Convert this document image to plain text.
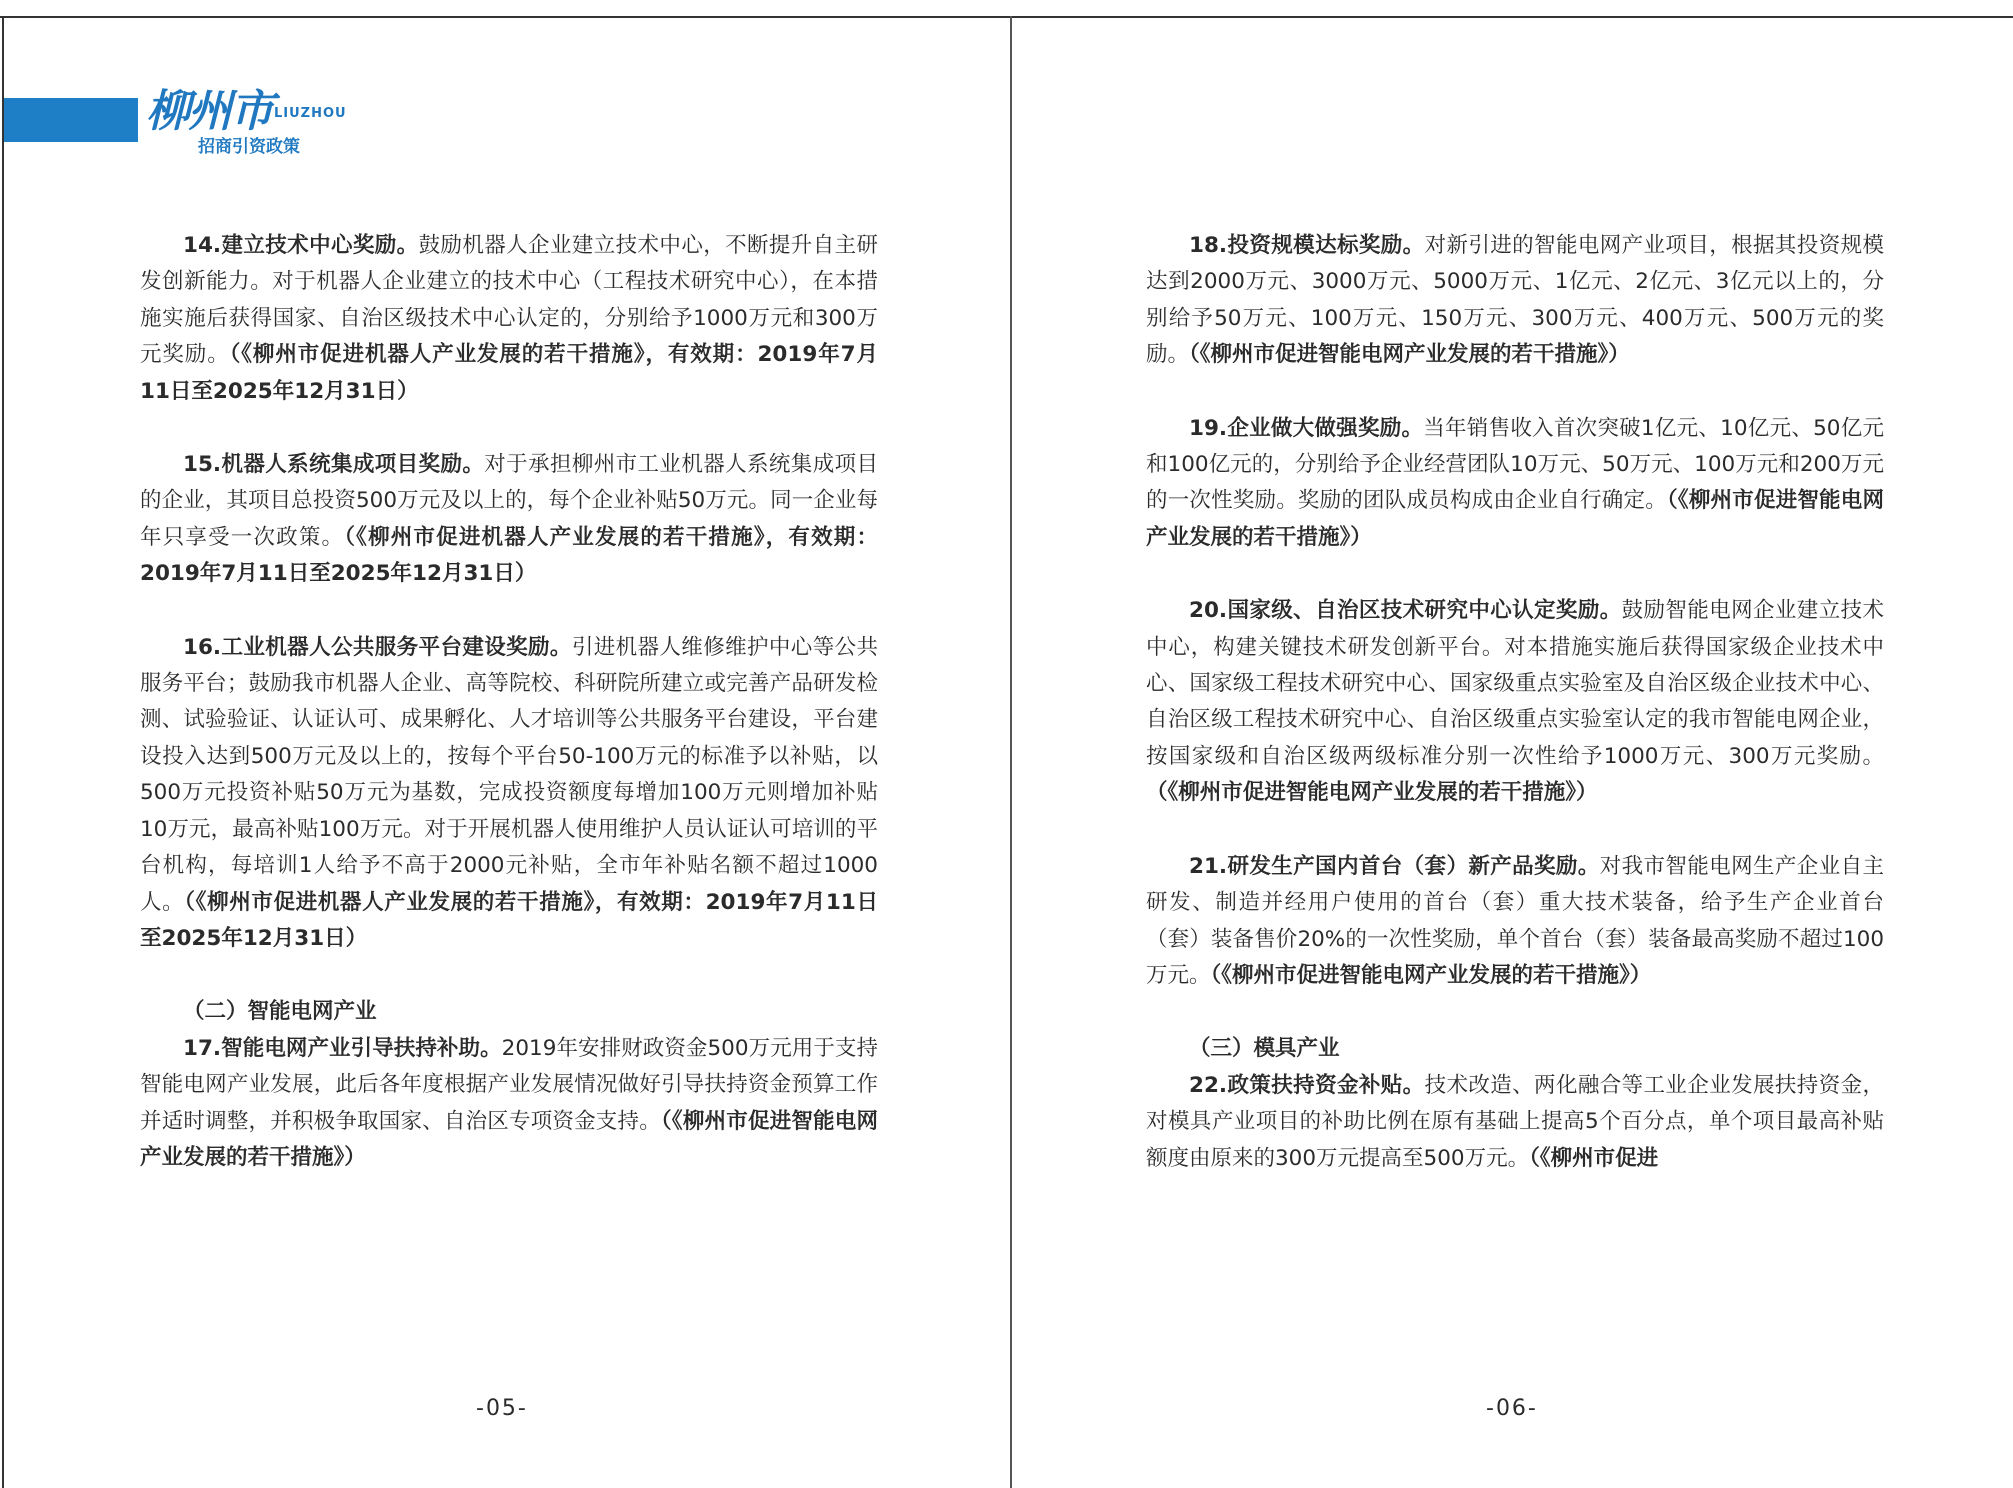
柳州市 LIUZHOU
招商引资政策

14.建立技术中心奖励。鼓励机器人企业建立技术中心，不断提升自主研发创新能力。对于机器人企业建立的技术中心（工程技术研究中心），在本措施实施后获得国家、自治区级技术中心认定的，分别给予1000万元和300万元奖励。（《柳州市促进机器人产业发展的若干措施》，有效期：2019年7月11日至2025年12月31日）

15.机器人系统集成项目奖励。对于承担柳州市工业机器人系统集成项目的企业，其项目总投资500万元及以上的，每个企业补贴50万元。同一企业每年只享受一次政策。（《柳州市促进机器人产业发展的若干措施》，有效期：2019年7月11日至2025年12月31日）

16.工业机器人公共服务平台建设奖励。引进机器人维修维护中心等公共服务平台；鼓励我市机器人企业、高等院校、科研院所建立或完善产品研发检测、试验验证、认证认可、成果孵化、人才培训等公共服务平台建设，平台建设投入达到500万元及以上的，按每个平台50-100万元的标准予以补贴，以500万元投资补贴50万元为基数，完成投资额度每增加100万元则增加补贴10万元，最高补贴100万元。对于开展机器人使用维护人员认证认可培训的平台机构，每培训1人给予不高于2000元补贴，全市年补贴名额不超过1000人。（《柳州市促进机器人产业发展的若干措施》，有效期：2019年7月11日至2025年12月31日）

（二）智能电网产业

17.智能电网产业引导扶持补助。2019年安排财政资金500万元用于支持智能电网产业发展，此后各年度根据产业发展情况做好引导扶持资金预算工作并适时调整，并积极争取国家、自治区专项资金支持。（《柳州市促进智能电网产业发展的若干措施》）

18.投资规模达标奖励。对新引进的智能电网产业项目，根据其投资规模达到2000万元、3000万元、5000万元、1亿元、2亿元、3亿元以上的，分别给予50万元、100万元、150万元、300万元、400万元、500万元的奖励。（《柳州市促进智能电网产业发展的若干措施》）

19.企业做大做强奖励。当年销售收入首次突破1亿元、10亿元、50亿元和100亿元的，分别给予企业经营团队10万元、50万元、100万元和200万元的一次性奖励。奖励的团队成员构成由企业自行确定。（《柳州市促进智能电网产业发展的若干措施》）

20.国家级、自治区技术研究中心认定奖励。鼓励智能电网企业建立技术中心，构建关键技术研发创新平台。对本措施实施后获得国家级企业技术中心、国家级工程技术研究中心、国家级重点实验室及自治区级企业技术中心、自治区级工程技术研究中心、自治区级重点实验室认定的我市智能电网企业，按国家级和自治区级两级标准分别一次性给予1000万元、300万元奖励。（《柳州市促进智能电网产业发展的若干措施》）

21.研发生产国内首台（套）新产品奖励。对我市智能电网生产企业自主研发、制造并经用户使用的首台（套）重大技术装备，给予生产企业首台（套）装备售价20%的一次性奖励，单个首台（套）装备最高奖励不超过100万元。（《柳州市促进智能电网产业发展的若干措施》）

（三）模具产业

22.政策扶持资金补贴。技术改造、两化融合等工业企业发展扶持资金，对模具产业项目的补助比例在原有基础上提高5个百分点，单个项目最高补贴额度由原来的300万元提高至500万元。（《柳州市促进

-05-	-06-
